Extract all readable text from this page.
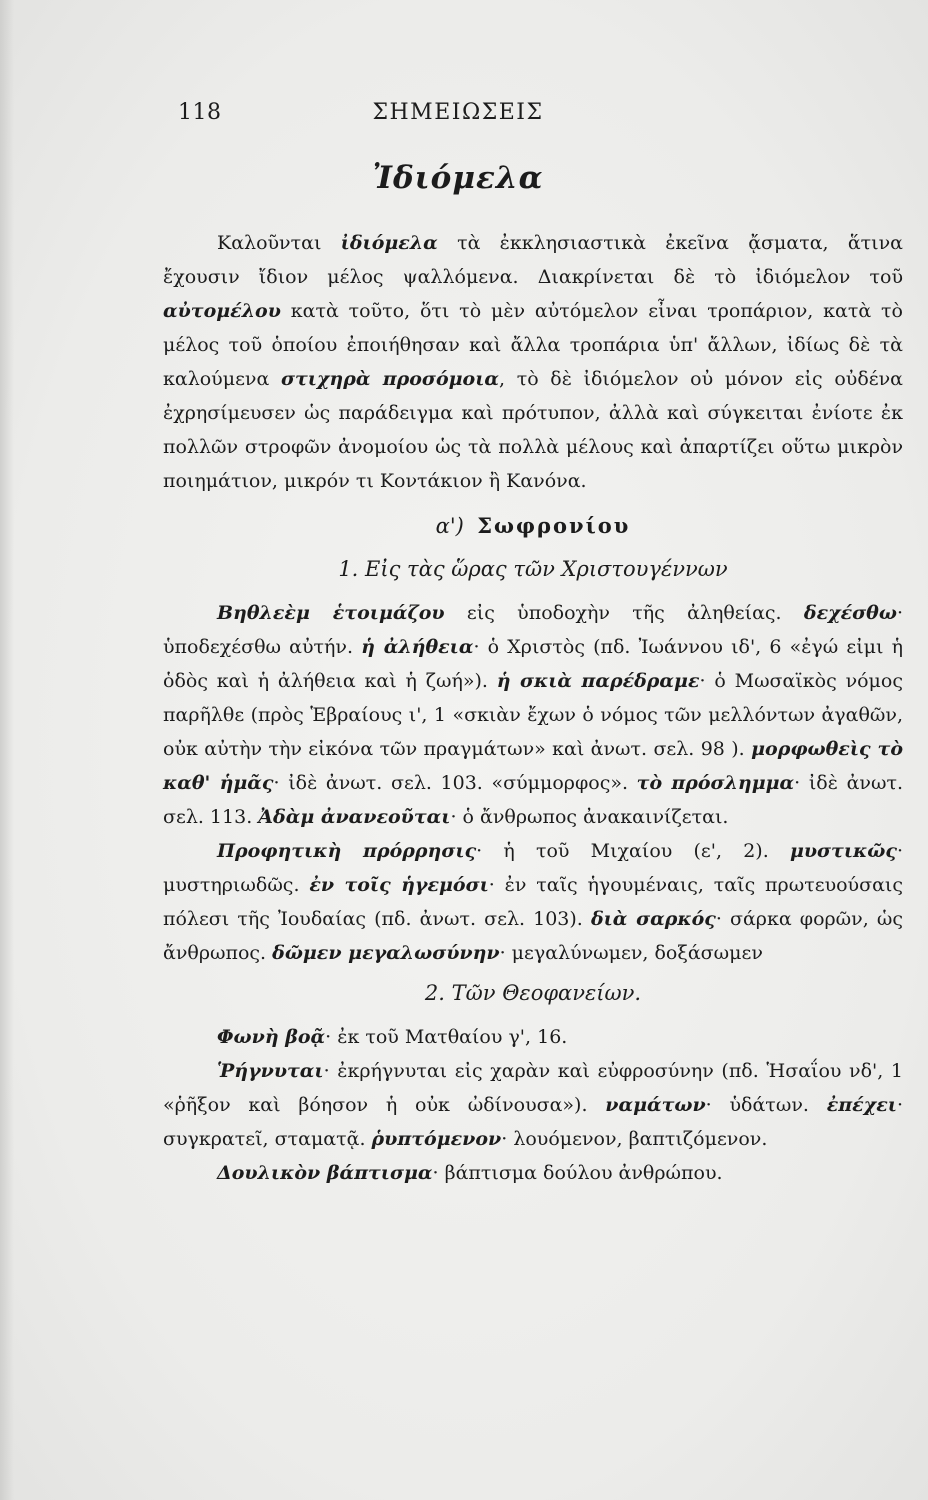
118	ΣΗΜΕΙΩΣΕΙΣ
Ἰδιόμελα

Καλοῦνται ἰδιόμελα τὰ ἐκκλησιαστικὰ ἐκεῖνα ᾄσματα, ἅτινα ἔχουσιν ἴδιον μέλος ψαλλόμενα. Διακρίνεται δὲ τὸ ἰδιόμελον τοῦ αὐτομέλου κατὰ τοῦτο, ὅτι τὸ μὲν αὐτόμελον εἶναι τροπάριον, κατὰ τὸ μέλος τοῦ ὁποίου ἐποιήθησαν καὶ ἄλλα τροπάρια ὑπ' ἄλλων, ἰδίως δὲ τὰ καλούμενα στιχηρὰ προσόμοια, τὸ δὲ ἰδιόμελον οὐ μόνον εἰς οὐδένα ἐχρησίμευσεν ὡς παράδειγμα καὶ πρότυπον, ἀλλὰ καὶ σύγκειται ἐνίοτε ἐκ πολλῶν στροφῶν ἀνομοίου ὡς τὰ πολλὰ μέλους καὶ ἀπαρτίζει οὕτω μικρὸν ποιημάτιον, μικρόν τι Κοντάκιον ἢ Κανόνα.

α') Σωφρονίου
1. Εἰς τὰς ὥρας τῶν Χριστουγέννων

Βηθλεὲμ ἑτοιμάζου εἰς ὑποδοχὴν τῆς ἀληθείας. δεχέσθω· ὑποδεχέσθω αὐτήν. ἡ ἀλήθεια· ὁ Χριστὸς (πδ. Ἰωάννου ιδ', 6 «ἐγώ εἰμι ἡ ὁδὸς καὶ ἡ ἀλήθεια καὶ ἡ ζωή»). ἡ σκιὰ παρέδραμε· ὁ Μωσαϊκὸς νόμος παρῆλθε (πρὸς Ἑβραίους ι', 1 «σκιὰν ἔχων ὁ νόμος τῶν μελλόντων ἀγαθῶν, οὐκ αὐτὴν τὴν εἰκόνα τῶν πραγμάτων» καὶ ἀνωτ. σελ. 98 ). μορφωθεὶς τὸ καθ' ἡμᾶς· ἰδὲ ἀνωτ. σελ. 103. «σύμμορφος». τὸ πρόσλημμα· ἰδὲ ἀνωτ. σελ. 113. Ἀδὰμ ἀνανεοῦται· ὁ ἄνθρωπος ἀνακαινίζεται.

Προφητικὴ πρόρρησις· ἡ τοῦ Μιχαίου (ε', 2). μυστικῶς· μυστηριωδῶς. ἐν τοῖς ἡγεμόσι· ἐν ταῖς ἡγουμέναις, ταῖς πρωτευούσαις πόλεσι τῆς Ἰουδαίας (πδ. ἀνωτ. σελ. 103). διὰ σαρκός· σάρκα φορῶν, ὡς ἄνθρωπος. δῶμεν μεγαλωσύνην· μεγαλύνωμεν, δοξάσωμεν

2. Τῶν Θεοφανείων.

Φωνὴ βοᾷ· ἐκ τοῦ Ματθαίου γ', 16.

Ῥήγνυται· ἐκρήγνυται εἰς χαρὰν καὶ εὐφροσύνην (πδ. Ἡσαΐου νδ', 1 «ῥῆξον καὶ βόησον ἡ οὐκ ὠδίνουσα»). ναμάτων· ὑδάτων. ἐπέχει· συγκρατεῖ, σταματᾷ. ῥυπτόμενον· λουόμενον, βαπτιζόμενον.

Δουλικὸν βάπτισμα· βάπτισμα δούλου ἀνθρώπου.
